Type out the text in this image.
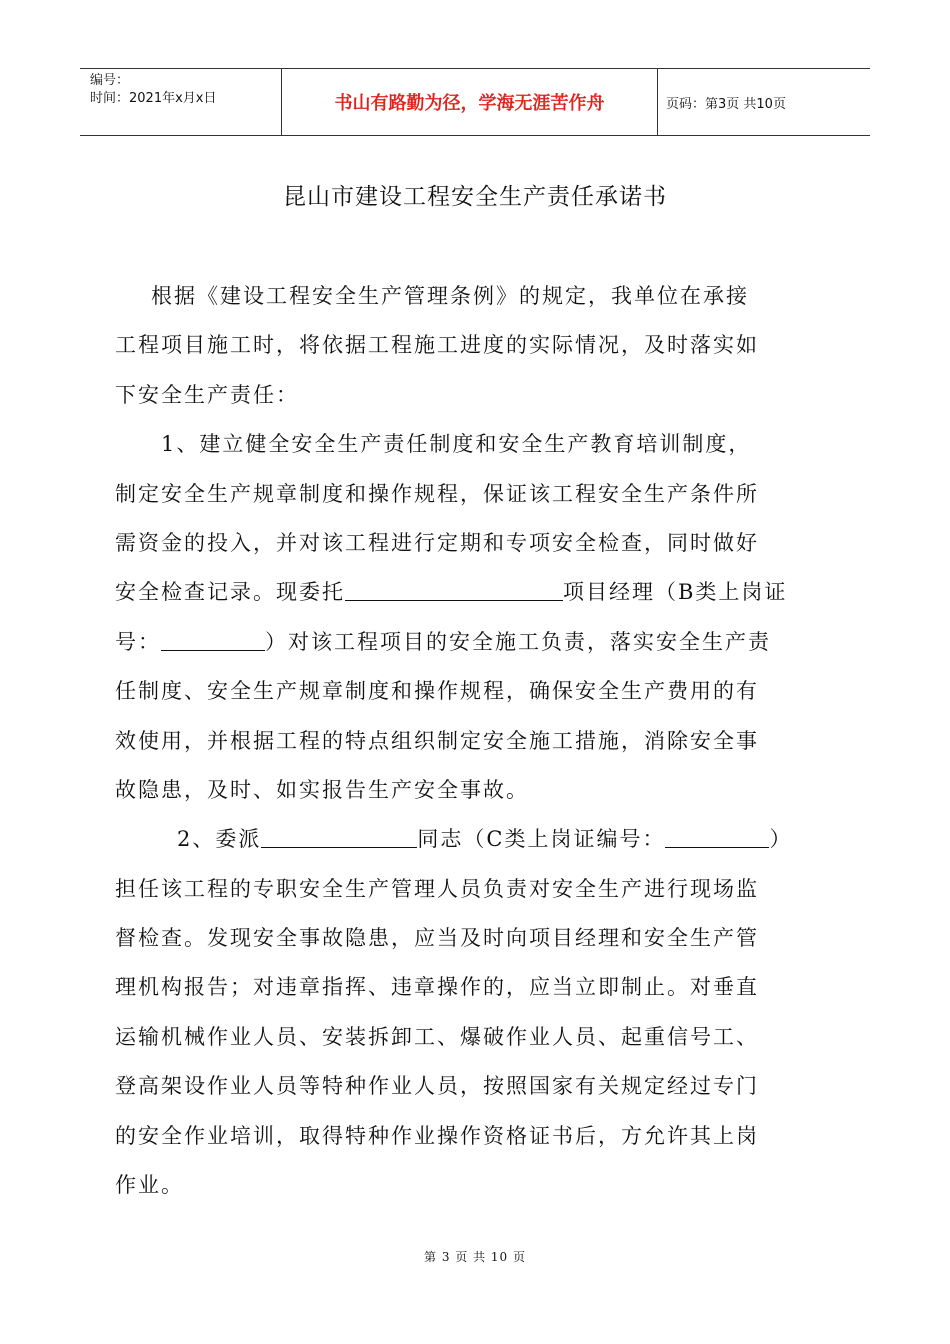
编号：
时间：2021年x月x日	书山有路勤为径，学海无涯苦作舟	页码：第3页 共10页
昆山市建设工程安全生产责任承诺书
根据《建设工程安全生产管理条例》的规定，我单位在承接
工程项目施工时，将依据工程施工进度的实际情况，及时落实如
下安全生产责任：
1、建立健全安全生产责任制度和安全生产教育培训制度，
制定安全生产规章制度和操作规程，保证该工程安全生产条件所
需资金的投入，并对该工程进行定期和专项安全检查，同时做好
安全检查记录。现委托	项目经理（B类上岗证
号：	）对该工程项目的安全施工负责，落实安全生产责
任制度、安全生产规章制度和操作规程，确保安全生产费用的有
效使用，并根据工程的特点组织制定安全施工措施，消除安全事
故隐患，及时、如实报告生产安全事故。
2、委派	同志（C类上岗证编号：	）
担任该工程的专职安全生产管理人员负责对安全生产进行现场监
督检查。发现安全事故隐患，应当及时向项目经理和安全生产管
理机构报告；对违章指挥、违章操作的，应当立即制止。对垂直
运输机械作业人员、安装拆卸工、爆破作业人员、起重信号工、
登高架设作业人员等特种作业人员，按照国家有关规定经过专门
的安全作业培训，取得特种作业操作资格证书后，方允许其上岗
作业。
第 3 页 共 10 页
